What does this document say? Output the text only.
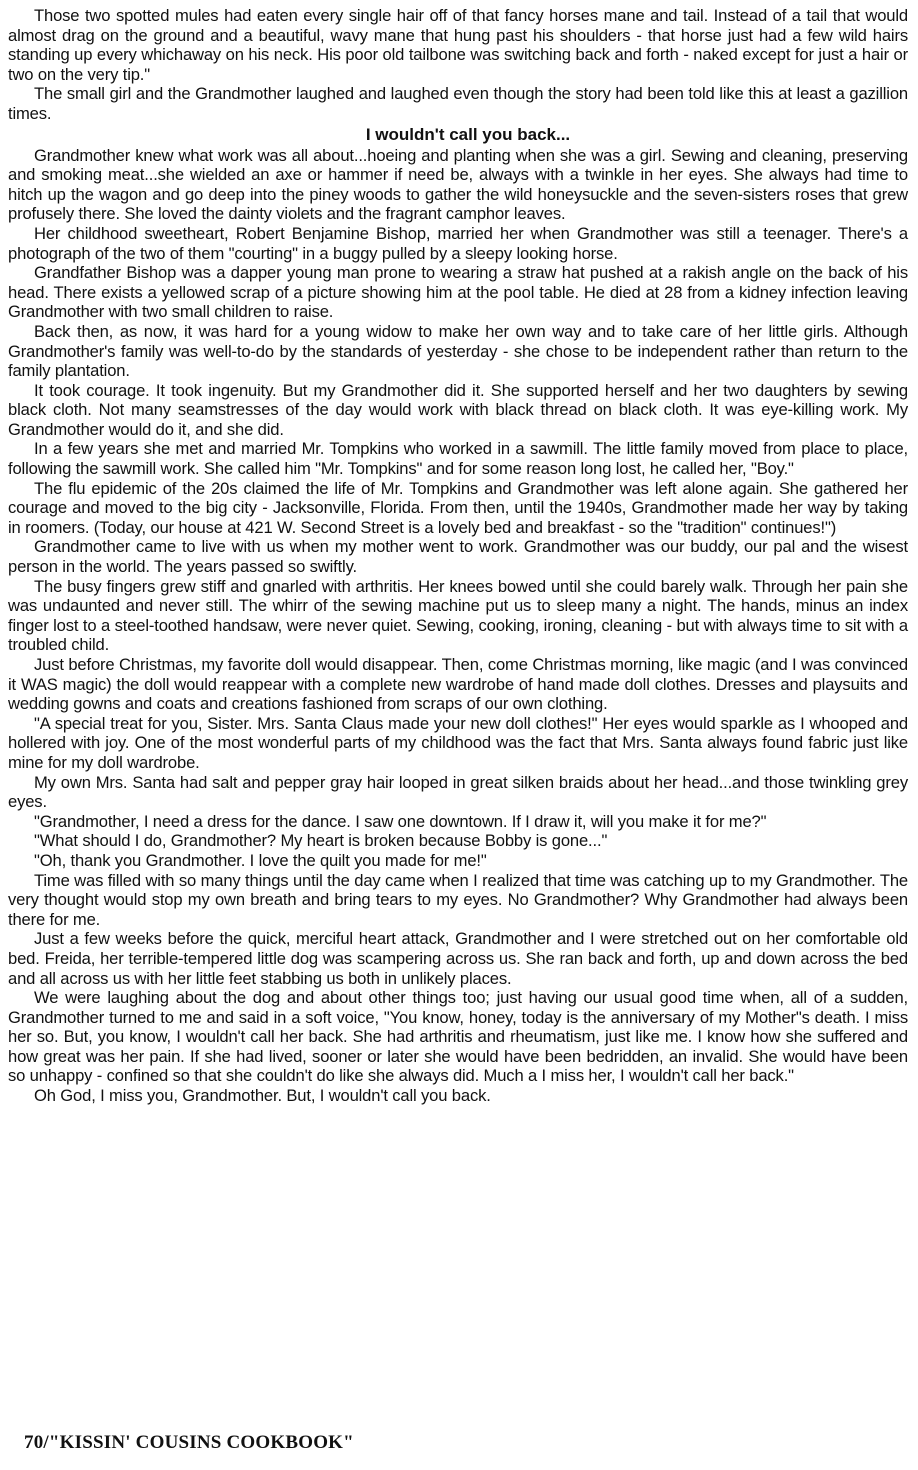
Those two spotted mules had eaten every single hair off of that fancy horses mane and tail. Instead of a tail that would almost drag on the ground and a beautiful, wavy mane that hung past his shoulders - that horse just had a few wild hairs standing up every whichaway on his neck. His poor old tailbone was switching back and forth - naked except for just a hair or two on the very tip."

The small girl and the Grandmother laughed and laughed even though the story had been told like this at least a gazillion times.

I wouldn't call you back...

Grandmother knew what work was all about...hoeing and planting when she was a girl. Sewing and cleaning, preserving and smoking meat...she wielded an axe or hammer if need be, always with a twinkle in her eyes. She always had time to hitch up the wagon and go deep into the piney woods to gather the wild honeysuckle and the seven-sisters roses that grew profusely there. She loved the dainty violets and the fragrant camphor leaves.

Her childhood sweetheart, Robert Benjamine Bishop, married her when Grandmother was still a teenager. There's a photograph of the two of them "courting" in a buggy pulled by a sleepy looking horse.

Grandfather Bishop was a dapper young man prone to wearing a straw hat pushed at a rakish angle on the back of his head. There exists a yellowed scrap of a picture showing him at the pool table. He died at 28 from a kidney infection leaving Grandmother with two small children to raise.

Back then, as now, it was hard for a young widow to make her own way and to take care of her little girls. Although Grandmother's family was well-to-do by the standards of yesterday - she chose to be independent rather than return to the family plantation.

It took courage. It took ingenuity. But my Grandmother did it. She supported herself and her two daughters by sewing black cloth. Not many seamstresses of the day would work with black thread on black cloth. It was eye-killing work. My Grandmother would do it, and she did.

In a few years she met and married Mr. Tompkins who worked in a sawmill. The little family moved from place to place, following the sawmill work. She called him "Mr. Tompkins" and for some reason long lost, he called her, "Boy."

The flu epidemic of the 20s claimed the life of Mr. Tompkins and Grandmother was left alone again. She gathered her courage and moved to the big city - Jacksonville, Florida. From then, until the 1940s, Grandmother made her way by taking in roomers. (Today, our house at 421 W. Second Street is a lovely bed and breakfast - so the "tradition" continues!")

Grandmother came to live with us when my mother went to work. Grandmother was our buddy, our pal and the wisest person in the world. The years passed so swiftly.

The busy fingers grew stiff and gnarled with arthritis. Her knees bowed until she could barely walk. Through her pain she was undaunted and never still. The whirr of the sewing machine put us to sleep many a night. The hands, minus an index finger lost to a steel-toothed handsaw, were never quiet. Sewing, cooking, ironing, cleaning - but with always time to sit with a troubled child.

Just before Christmas, my favorite doll would disappear. Then, come Christmas morning, like magic (and I was convinced it WAS magic) the doll would reappear with a complete new wardrobe of hand made doll clothes. Dresses and playsuits and wedding gowns and coats and creations fashioned from scraps of our own clothing.

"A special treat for you, Sister. Mrs. Santa Claus made your new doll clothes!" Her eyes would sparkle as I whooped and hollered with joy. One of the most wonderful parts of my childhood was the fact that Mrs. Santa always found fabric just like mine for my doll wardrobe.

My own Mrs. Santa had salt and pepper gray hair looped in great silken braids about her head...and those twinkling grey eyes.

"Grandmother, I need a dress for the dance. I saw one downtown. If I draw it, will you make it for me?"

"What should I do, Grandmother? My heart is broken because Bobby is gone..."

"Oh, thank you Grandmother. I love the quilt you made for me!"

Time was filled with so many things until the day came when I realized that time was catching up to my Grandmother. The very thought would stop my own breath and bring tears to my eyes. No Grandmother? Why Grandmother had always been there for me.

Just a few weeks before the quick, merciful heart attack, Grandmother and I were stretched out on her comfortable old bed. Freida, her terrible-tempered little dog was scampering across us. She ran back and forth, up and down across the bed and all across us with her little feet stabbing us both in unlikely places.

We were laughing about the dog and about other things too; just having our usual good time when, all of a sudden, Grandmother turned to me and said in a soft voice, "You know, honey, today is the anniversary of my Mother"s death. I miss her so. But, you know, I wouldn't call her back. She had arthritis and rheumatism, just like me. I know how she suffered and how great was her pain. If she had lived, sooner or later she would have been bedridden, an invalid. She would have been so unhappy - confined so that she couldn't do like she always did. Much a I miss her, I wouldn't call her back."

Oh God, I miss you, Grandmother. But, I wouldn't call you back.

70/"KISSIN' COUSINS COOKBOOK"
